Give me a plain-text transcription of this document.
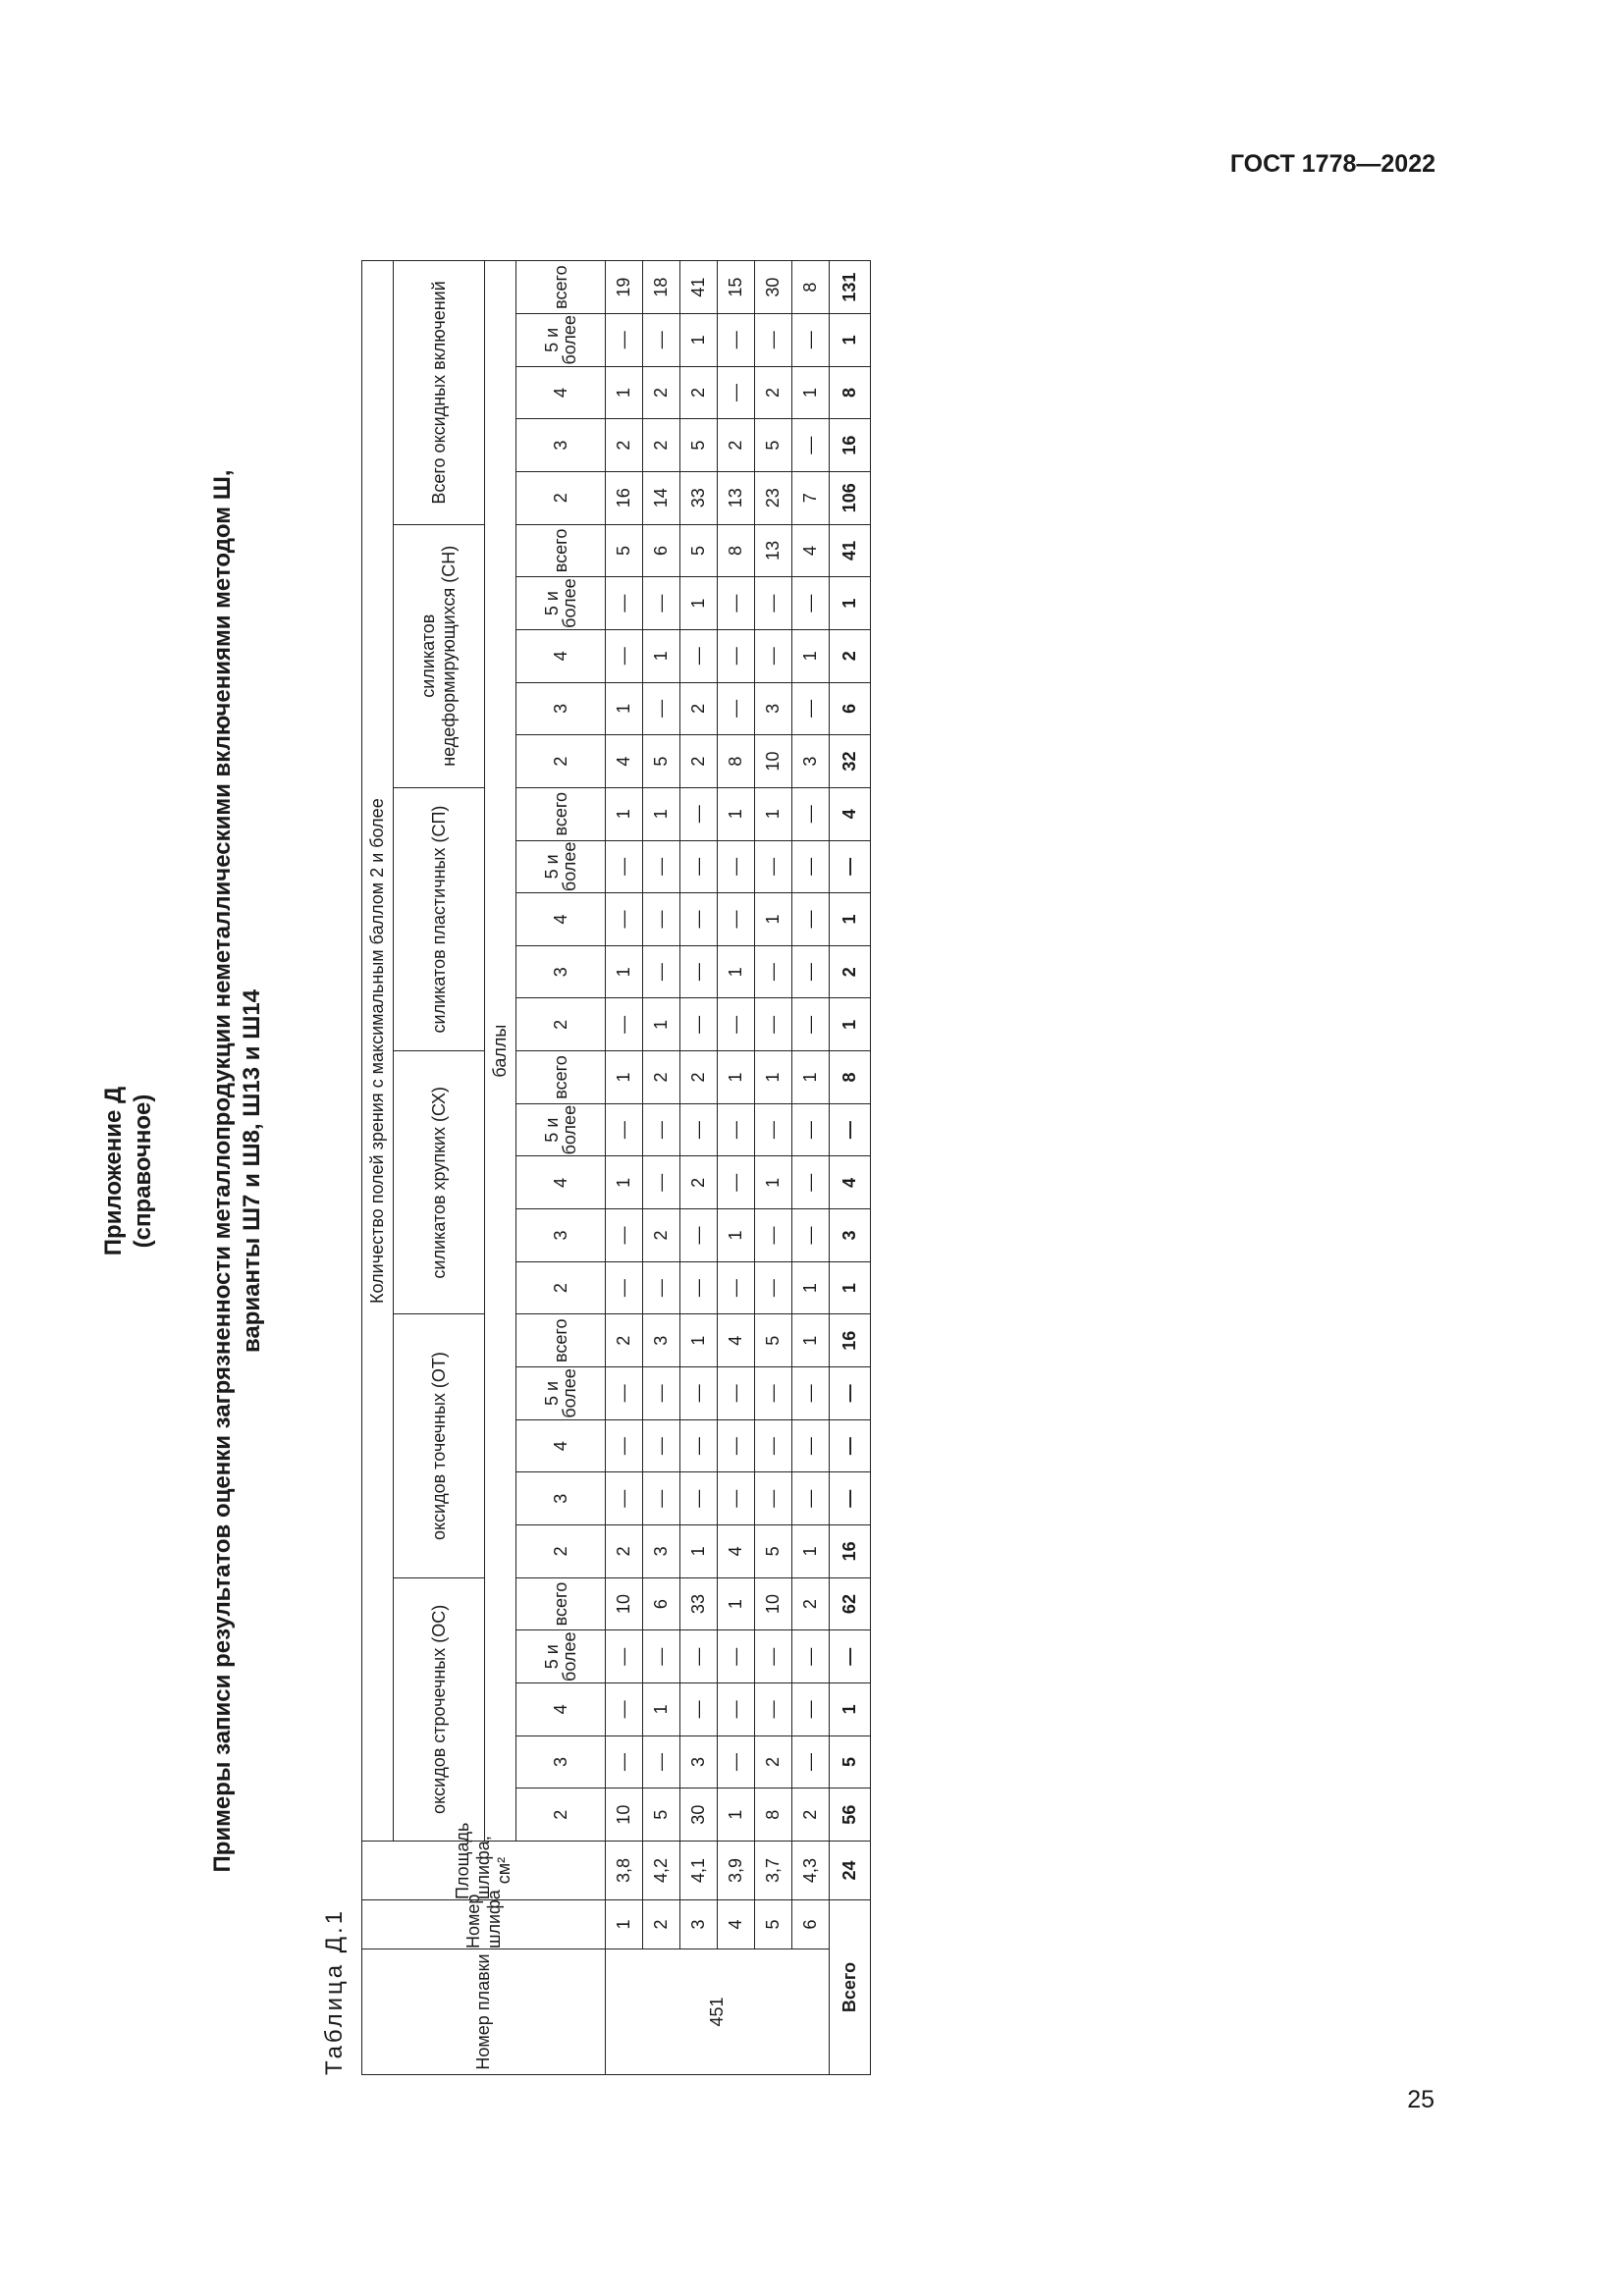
ГОСТ 1778—2022
25
Приложение Д (справочное) Примеры записи результатов оценки загрязненности металлопродукции неметаллическими включениями методом Ш, варианты Ш7 и Ш8, Ш13 и Ш14
Таблица Д.1	Номер плавки	Номер шлифа	Площадь шлифа, см²	Количество полей зрения с максимальным баллом 2 и более																													
			оксидов строчечных (ОС)					оксидов точечных (ОТ)					силикатов хрупких (СХ)					силикатов пластичных (СП)					силикатов недеформирующихся (СН)					Всего оксидных включений				
			баллы																													
			2	3	4	5 и более	всего	2	3	4	5 и более	всего	2	3	4	5 и более	всего	2	3	4	5 и более	всего	2	3	4	5 и более	всего	2	3	4	5 и более	всего
451	1	3,8	10	—	—	—	10	2	—	—	—	2	—	—	1	—	1	—	1	—	—	1	4	1	—	—	5	16	2	1	—	19
	2	4,2	5	—	1	—	6	3	—	—	—	3	—	2	—	—	2	1	—	—	—	1	5	—	1	—	6	14	2	2	—	18
	3	4,1	30	3	—	—	33	1	—	—	—	1	—	—	2	—	2	—	—	—	—	—	2	2	—	1	5	33	5	2	1	41
	4	3,9	1	—	—	—	1	4	—	—	—	4	—	1	—	—	1	—	1	—	—	1	8	—	—	—	8	13	2	—	—	15
	5	3,7	8	2	—	—	10	5	—	—	—	5	—	—	1	—	1	—	—	1	—	1	10	3	—	—	13	23	5	2	—	30
	6	4,3	2	—	—	—	2	1	—	—	—	1	1	—	—	—	1	—	—	—	—	—	3	—	1	—	4	7	—	1	—	8
Всего		24	56	5	1	—	62	16	—	—	—	16	1	3	4	—	8	1	2	1	—	4	32	6	2	1	41	106	16	8	1	131
